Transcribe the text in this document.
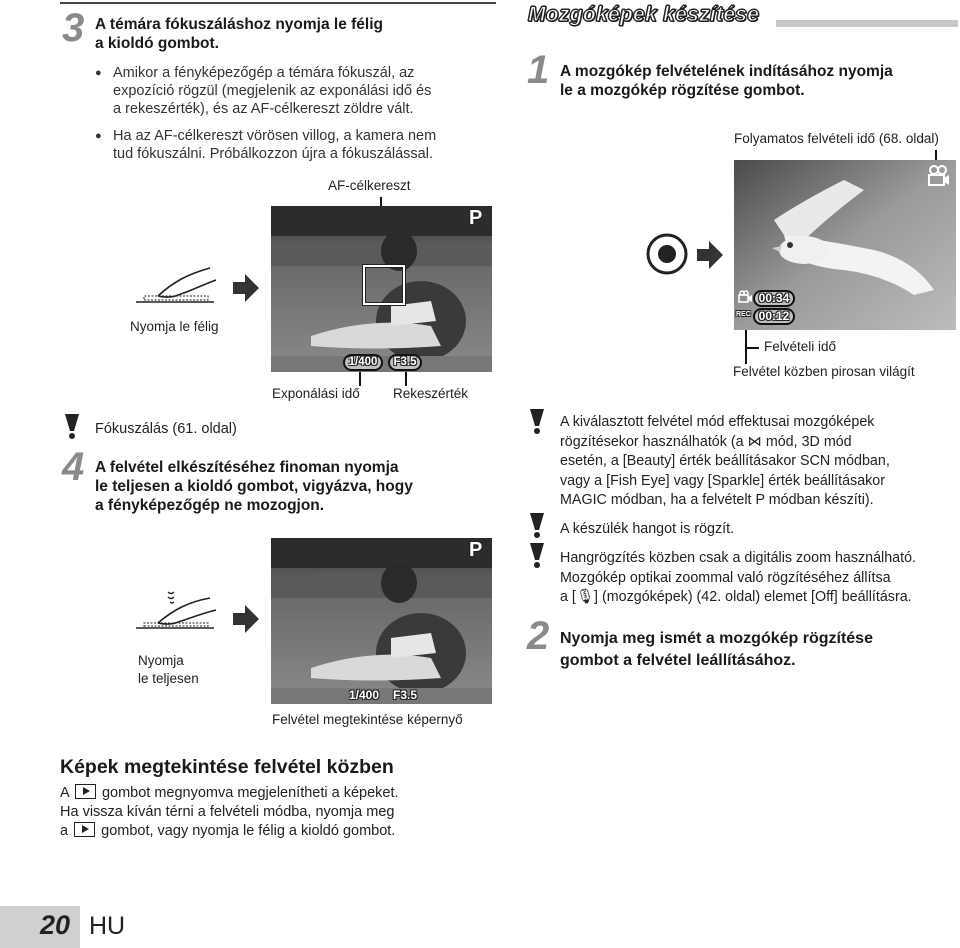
3 A témára fókuszáláshoz nyomja le félig
a kioldó gombot.
● Amikor a fényképezőgép a témára fókuszál, az
expozíció rögzül (megjelenik az exponálási idő és
a rekeszérték), és az AF-célkereszt zöldre vált.
● Ha az AF-célkereszt vörösen villog, a kamera nem
tud fókuszálni. Próbálkozzon újra a fókuszálással.
AF-célkereszt
Nyomja le félig
P
1/400	F3.5
Exponálási idő Rekeszérték
Fókuszálás (61. oldal)
4 A felvétel elkészítéséhez finoman nyomja
le teljesen a kioldó gombot, vigyázva, hogy
a fényképezőgép ne mozogjon.
Nyomja
le teljesen
P
1/400 F3.5
Felvétel megtekintése képernyő
Képek megtekintése felvétel közben
A gombot megnyomva megjelenítheti a képeket.
Ha vissza kíván térni a felvételi módba, nyomja meg
a gombot, vagy nyomja le félig a kioldó gombot.
Mozgóképek készítése
1 A mozgókép felvételének indításához nyomja
le a mozgókép rögzítése gombot.
Folyamatos felvételi idő (68. oldal)
00:34
REC 00:12
Felvételi idő
Felvétel közben pirosan világít
A kiválasztott felvétel mód effektusai mozgóképek
rögzítésekor használhatók (a ⋈ mód, 3D mód
esetén, a [Beauty] érték beállításakor SCN módban,
vagy a [Fish Eye] vagy [Sparkle] érték beállításakor
MAGIC módban, ha a felvételt P módban készíti).
A készülék hangot is rögzít.
Hangrögzítés közben csak a digitális zoom használható.
Mozgókép optikai zoommal való rögzítéséhez állítsa
a [🎙] (mozgóképek) (42. oldal) elemet [Off] beállításra.
2 Nyomja meg ismét a mozgókép rögzítése
gombot a felvétel leállításához.
20 HU
